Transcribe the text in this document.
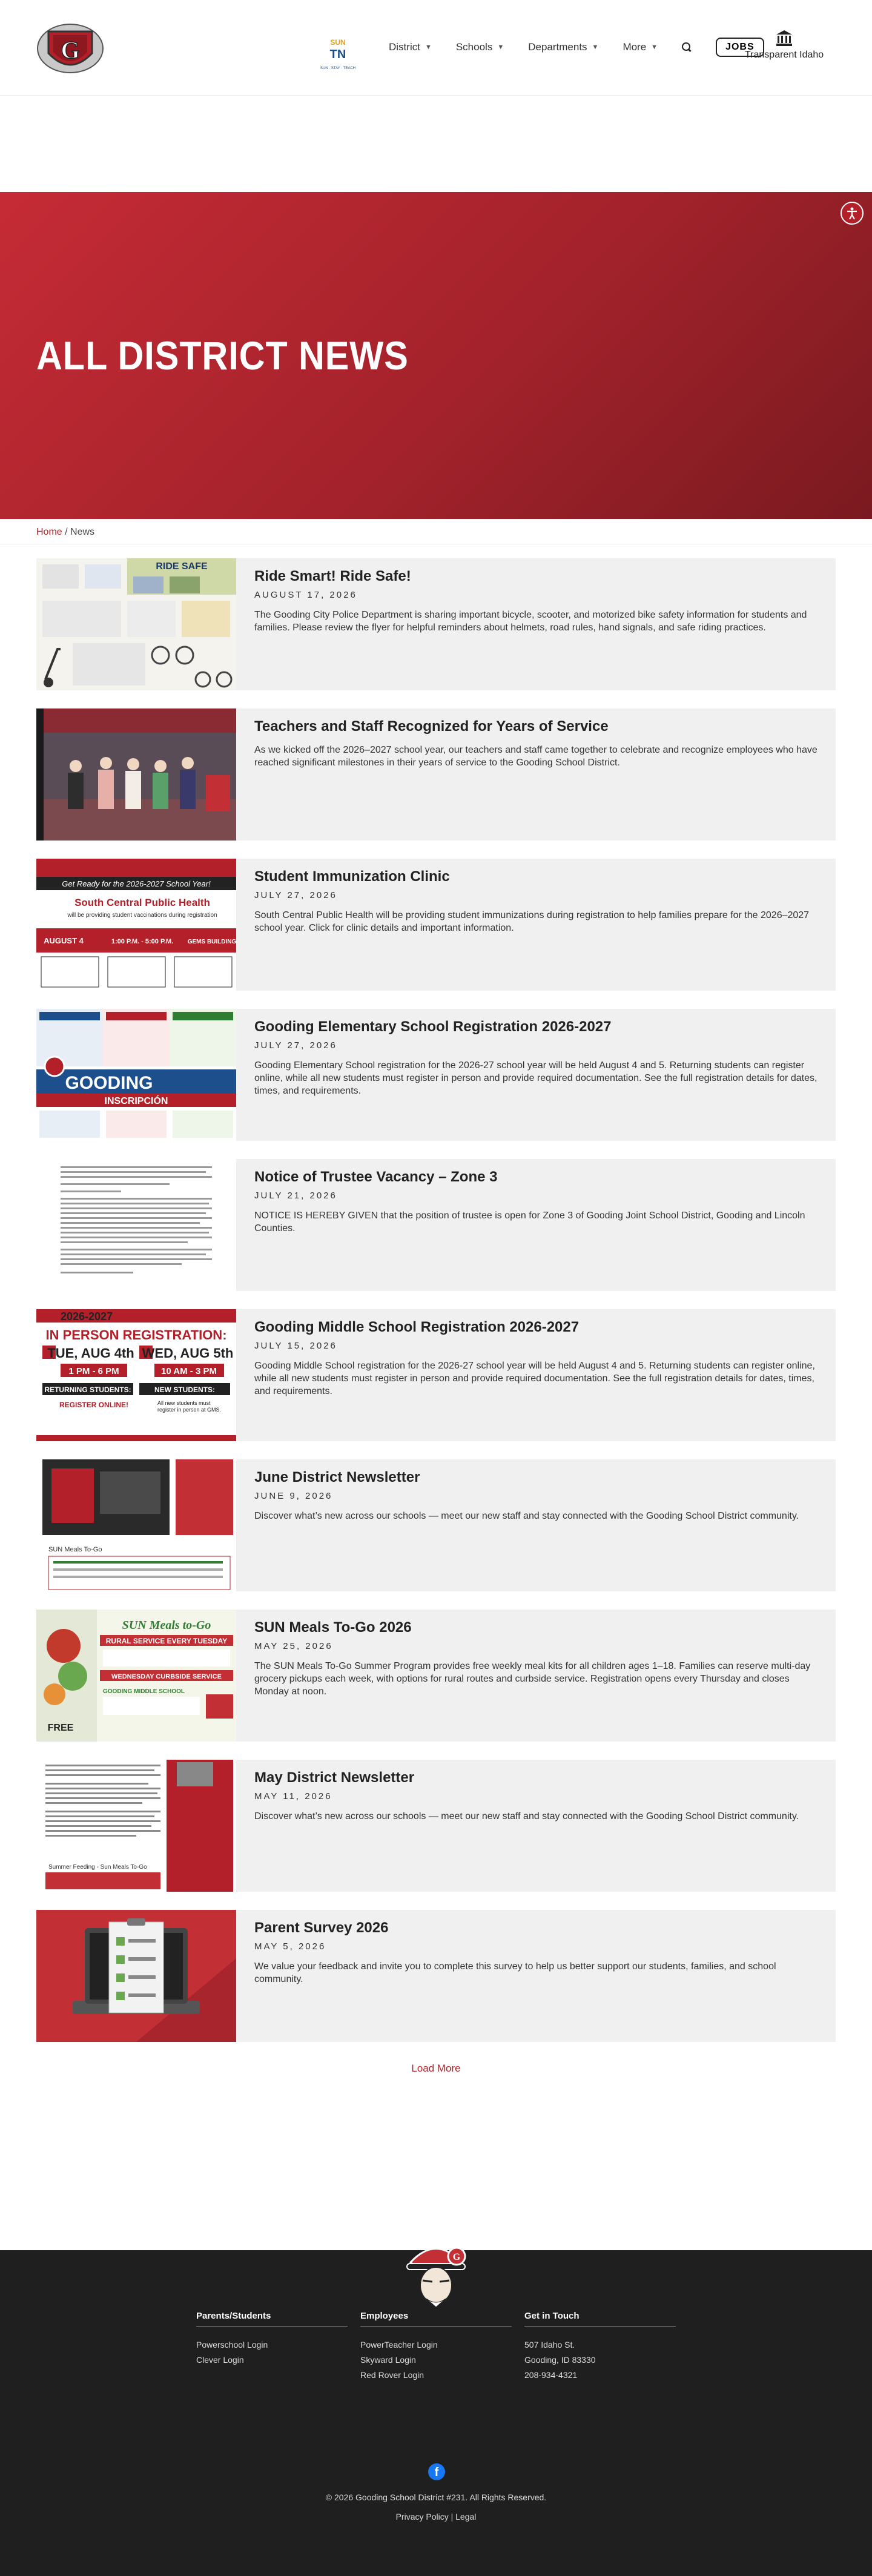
G	SUN
TN
SUN · STAY · TEACH
District ▼ Schools ▼ Departments ▼ More ▼	JOBS
Transparent Idaho
ALL DISTRICT NEWS
Home / News
RIDE SAFE
Ride Smart! Ride Safe!
AUGUST 17, 2026

The Gooding City Police Department is sharing important bicycle, scooter, and motorized bike safety information for students and families. Please review the flyer for helpful reminders about helmets, road rules, hand signals, and safe riding practices.

Teachers and Staff Recognized for Years of Service

As we kicked off the 2026–2027 school year, our teachers and staff came together to celebrate and recognize employees who have reached significant milestones in their years of service to the Gooding School District.

Get Ready for the 2026-2027 School Year!
South Central Public Health
will be providing student vaccinations during registration
AUGUST 4	1:00 P.M. - 5:00 P.M. GEMS BUILDING
Student Immunization Clinic
JULY 27, 2026

South Central Public Health will be providing student immunizations during registration to help families prepare for the 2026–2027 school year. Click for clinic details and important information.

GOODING
INSCRIPCIÓN
Gooding Elementary School Registration 2026-2027
JULY 27, 2026

Gooding Elementary School registration for the 2026-27 school year will be held August 4 and 5. Returning students can register online, while all new students must register in person and provide required documentation. See the full registration details for dates, times, and requirements.

Notice of Trustee Vacancy – Zone 3
JULY 21, 2026

NOTICE IS HEREBY GIVEN that the position of trustee is open for Zone 3 of Gooding Joint School District, Gooding and Lincoln Counties.

2026-2027
IN PERSON REGISTRATION:
TUE, AUG 4th WED, AUG 5th
1 PM - 6 PM	10 AM - 3 PM
RETURNING STUDENTS:
REGISTER ONLINE!
NEW STUDENTS:
All new students must register in person at GMS.
Gooding Middle School Registration 2026-2027
JULY 15, 2026

Gooding Middle School registration for the 2026-27 school year will be held August 4 and 5. Returning students can register online, while all new students must register in person and provide required documentation. See the full registration details for dates, times, and requirements.

SUN Meals To-Go
June District Newsletter
JUNE 9, 2026

Discover what’s new across our schools — meet our new staff and stay connected with the Gooding School District community.

SUN Meals to-Go
RURAL SERVICE EVERY TUESDAY
WEDNESDAY CURBSIDE SERVICE
GOODING MIDDLE SCHOOL
FREE
SUN Meals To-Go 2026
MAY 25, 2026

The SUN Meals To-Go Summer Program provides free weekly meal kits for all children ages 1–18. Families can reserve multi-day grocery pickups each week, with options for rural routes and curbside service. Registration opens every Thursday and closes Monday at noon.

Summer Feeding - Sun Meals To-Go
May District Newsletter
MAY 11, 2026

Discover what’s new across our schools — meet our new staff and stay connected with the Gooding School District community.

Parent Survey 2026
MAY 5, 2026

We value your feedback and invite you to complete this survey to help us better support our students, families, and school community.

Load More
G
Parents/Students
Powerschool Login
Clever Login
Employees
PowerTeacher Login
Skyward Login
Red Rover Login
Get in Touch
507 Idaho St.
Gooding, ID 83330
208-934-4321
f
© 2026 Gooding School District #231. All Rights Reserved.
Privacy Policy | Legal
